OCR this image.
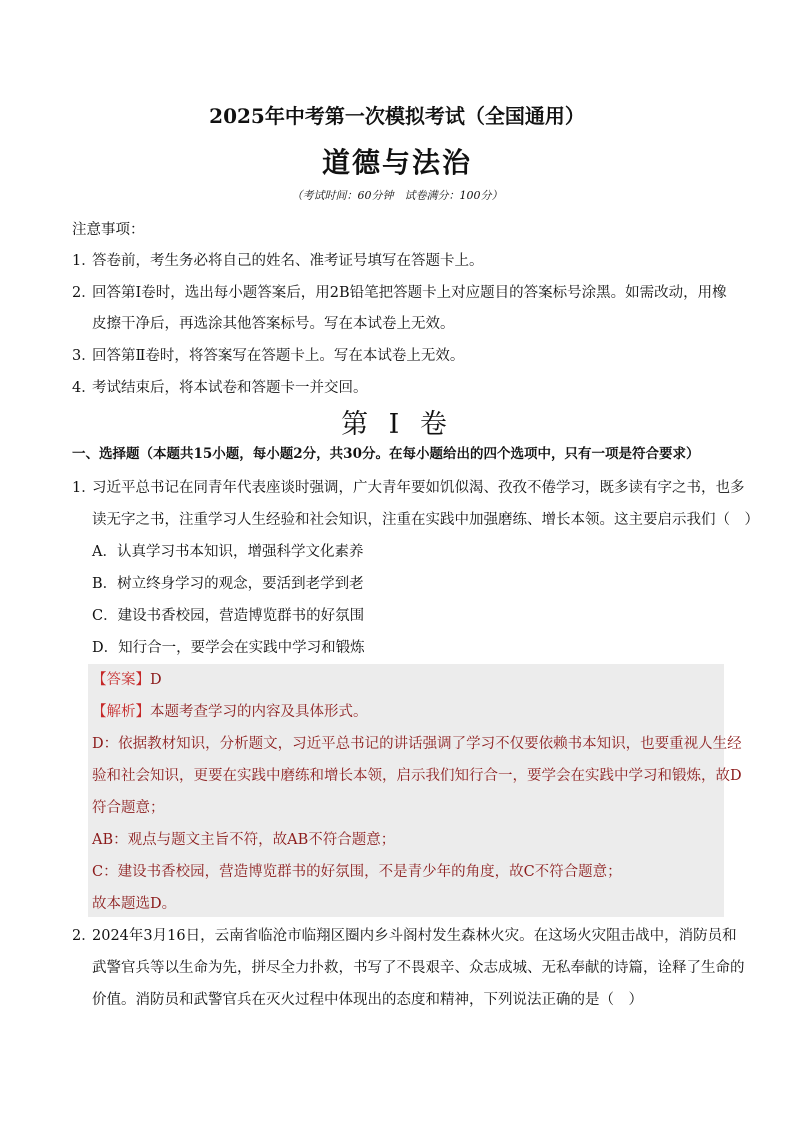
2025年中考第一次模拟考试（全国通用）
道德与法治
（考试时间：60分钟　试卷满分：100分）
注意事项：
1．答卷前，考生务必将自己的姓名、准考证号填写在答题卡上。
2．回答第Ⅰ卷时，选出每小题答案后，用2B铅笔把答题卡上对应题目的答案标号涂黑。如需改动，用橡
皮擦干净后，再选涂其他答案标号。写在本试卷上无效。
3．回答第Ⅱ卷时，将答案写在答题卡上。写在本试卷上无效。
4．考试结束后，将本试卷和答题卡一并交回。
第 I 卷
一、选择题（本题共15小题，每小题2分，共30分。在每小题给出的四个选项中，只有一项是符合要求）
1．习近平总书记在同青年代表座谈时强调，广大青年要如饥似渴、孜孜不倦学习，既多读有字之书，也多
读无字之书，注重学习人生经验和社会知识，注重在实践中加强磨练、增长本领。这主要启示我们（　）
A．认真学习书本知识，增强科学文化素养
B．树立终身学习的观念，要活到老学到老
C．建设书香校园，营造博览群书的好氛围
D．知行合一，要学会在实践中学习和锻炼
【答案】D
【解析】本题考查学习的内容及具体形式。
D：依据教材知识，分析题文，习近平总书记的讲话强调了学习不仅要依赖书本知识，也要重视人生经
验和社会知识，更要在实践中磨练和增长本领，启示我们知行合一，要学会在实践中学习和锻炼，故D
符合题意；
AB：观点与题文主旨不符，故AB不符合题意；
C：建设书香校园，营造博览群书的好氛围，不是青少年的角度，故C不符合题意；
故本题选D。
2．2024年3月16日，云南省临沧市临翔区圈内乡斗阁村发生森林火灾。在这场火灾阻击战中，消防员和
武警官兵等以生命为先，拼尽全力扑救，书写了不畏艰辛、众志成城、无私奉献的诗篇，诠释了生命的
价值。消防员和武警官兵在灭火过程中体现出的态度和精神，下列说法正确的是（　）
